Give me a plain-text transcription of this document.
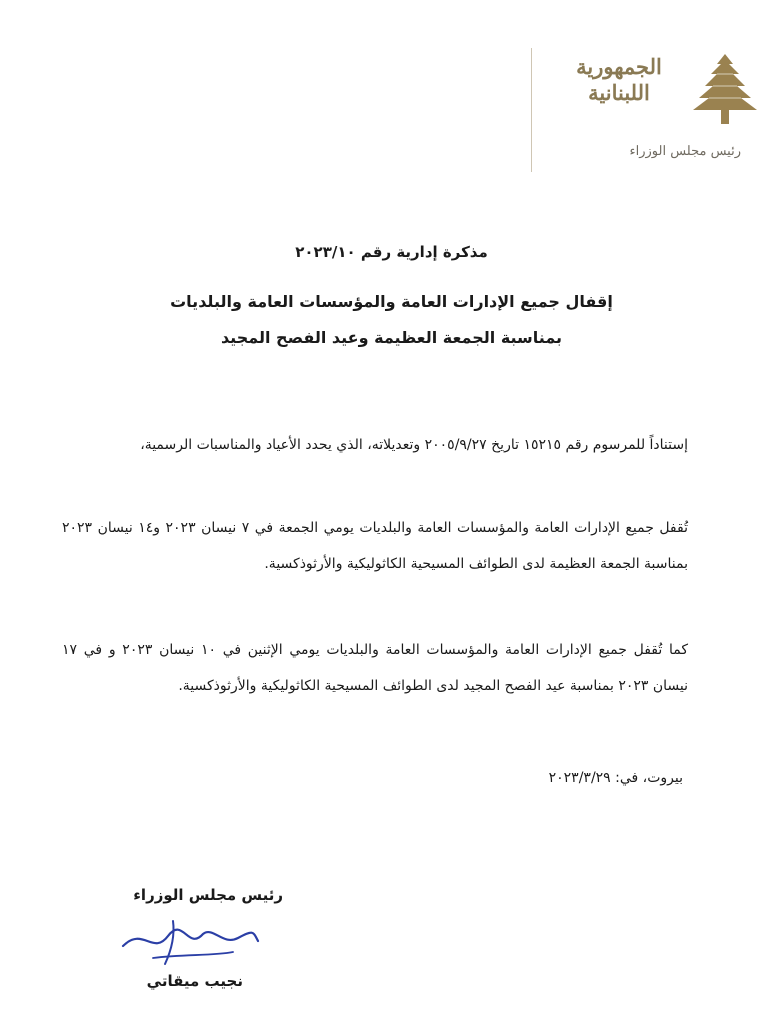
الجمهورية
اللبنانية
رئيس مجلس الوزراء
مذكرة إدارية رقم ٢٠٢٣/١٠
إقفال جميع الإدارات العامة والمؤسسات العامة والبلديات
بمناسبة الجمعة العظيمة وعيد الفصح المجيد
إستناداً للمرسوم رقم ١٥٢١٥ تاريخ ٢٠٠٥/٩/٢٧ وتعديلاته، الذي يحدد الأعياد والمناسبات الرسمية،
تُقفل جميع الإدارات العامة والمؤسسات العامة والبلديات يومي الجمعة في ٧ نيسان ٢٠٢٣ و١٤ نيسان ٢٠٢٣ بمناسبة الجمعة العظيمة لدى الطوائف المسيحية الكاثوليكية والأرثوذكسية.
كما تُقفل جميع الإدارات العامة والمؤسسات العامة والبلديات يومي الإثنين في ١٠ نيسان ٢٠٢٣ و في ١٧ نيسان ٢٠٢٣ بمناسبة عيد الفصح المجيد لدى الطوائف المسيحية الكاثوليكية والأرثوذكسية.
بيروت، في: ٢٠٢٣/٣/٢٩
رئيس مجلس الوزراء
نجيب ميقاتي
